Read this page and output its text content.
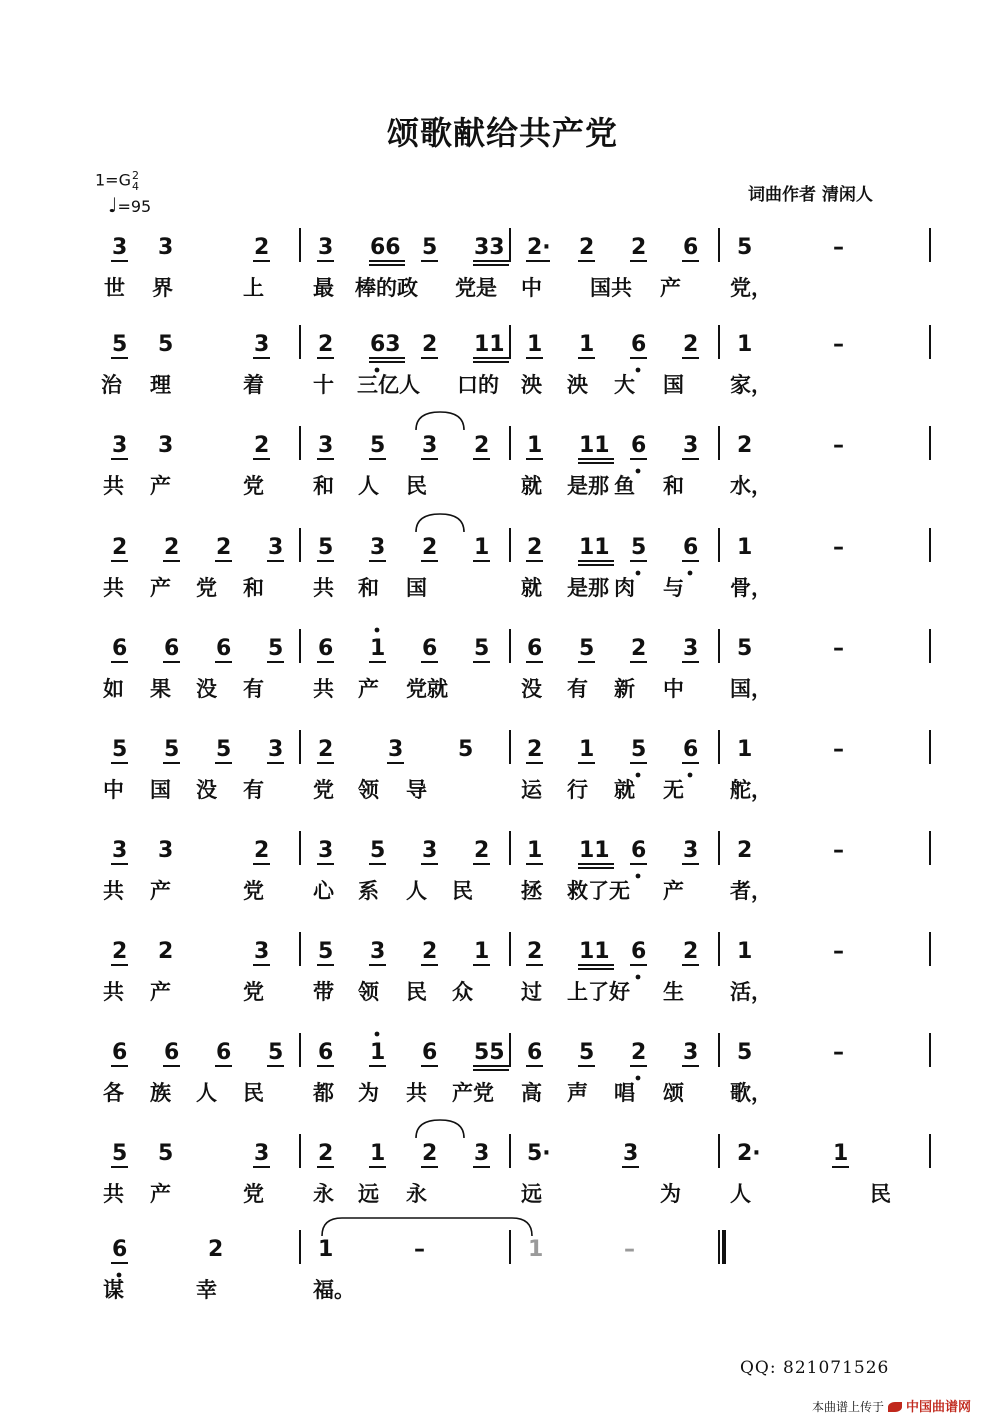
颂歌献给共产党
1=G2
4
♩=95
词曲作者 清闲人
3 3	2 3 66 5 33 2· 2 2 6 5	–
世 界	上 最 棒的政 党是 中 国共 产 党，
5 5	3 2 63 2 11 1 1 6 2 1	–
治 理	着 十 三亿人 口的 泱 泱 大 国 家，
3 3	2 3 5 3 2 1 11 6 3 2	–
共 产	党 和 人 民	就 是那 鱼 和 水，
2 2 2 3 5 3 2 1 2 11 5 6 1	–
共 产 党 和 共 和 国	就 是那 肉 与 骨，
6 6 6 5 6 1 6 5 6 5 2 3 5	–
如 果 没 有 共 产 党就	没 有 新 中 国，
5 5 5 3 2 3 5 2 1 5 6 1	–
中 国 没 有 党 领 导	运 行 就 无 舵，
3 3	2 3 5 3 2 1 11 6 3 2	–
共 产	党 心 系 人 民 拯 救了无 产 者，
2 2	3 5 3 2 1 2 11 6 2 1	–
共 产	党 带 领 民 众 过 上了好 生 活，
6 6 6 5 6 1 6 55 6 5 2 3 5	–
各 族 人 民 都 为 共 产党 高 声 唱 颂 歌，
5 5	3 2 1 2 3 5·	3	2·	1
共 产	党 永 远 永	远	为 人	民
6	2	1	–	1	–
谋	幸	福。
QQ: 821071526
本曲谱上传于 中国曲谱网
